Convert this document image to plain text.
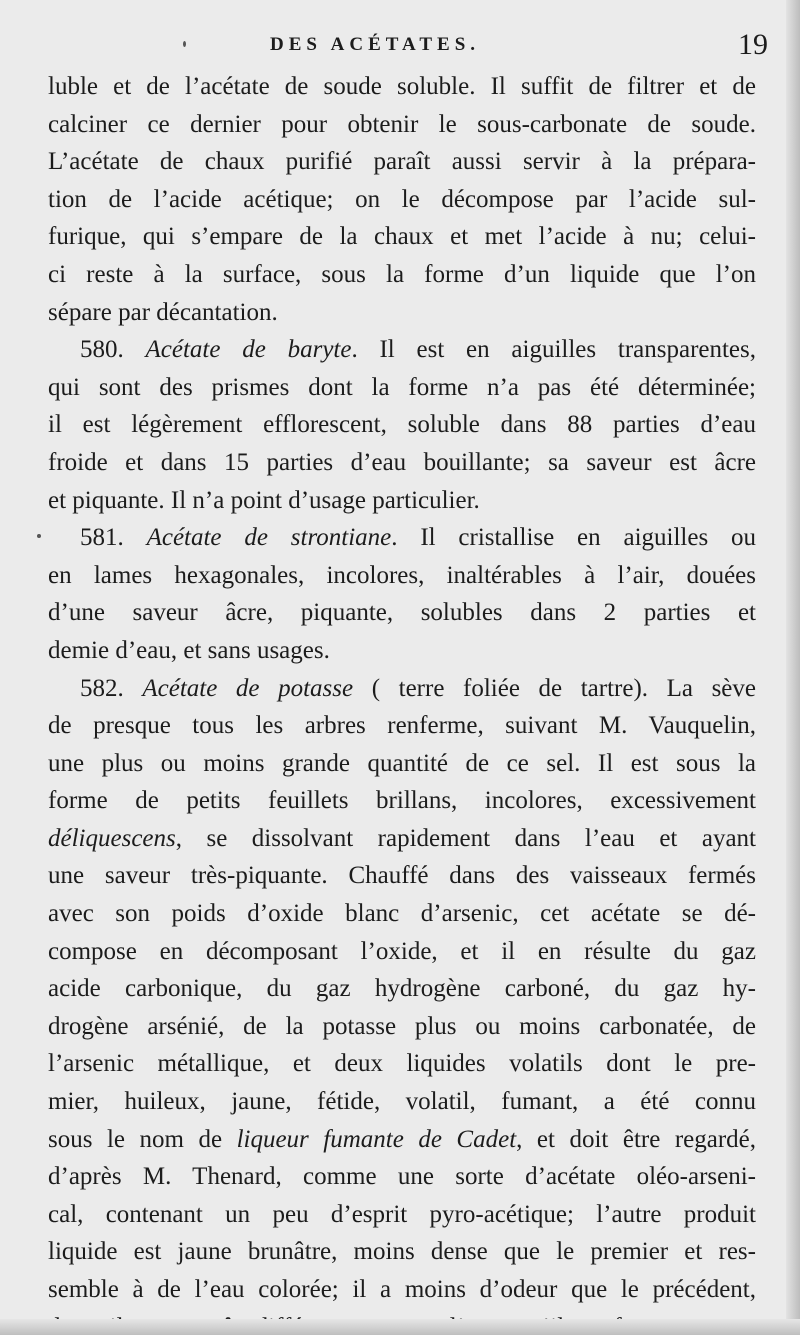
DES ACÉTATES.	19
luble et de l’acétate de soude soluble. Il suffit de filtrer et de
calciner ce dernier pour obtenir le sous-carbonate de soude.
L’acétate de chaux purifié paraît aussi servir à la prépara-
tion de l’acide acétique; on le décompose par l’acide sul-
furique, qui s’empare de la chaux et met l’acide à nu; celui-
ci reste à la surface, sous la forme d’un liquide que l’on
sépare par décantation.
580. Acétate de baryte. Il est en aiguilles transparentes,
qui sont des prismes dont la forme n’a pas été déterminée;
il est légèrement efflorescent, soluble dans 88 parties d’eau
froide et dans 15 parties d’eau bouillante; sa saveur est âcre
et piquante. Il n’a point d’usage particulier.
581. Acétate de strontiane. Il cristallise en aiguilles ou
en lames hexagonales, incolores, inaltérables à l’air, douées
d’une saveur âcre, piquante, solubles dans 2 parties et
demie d’eau, et sans usages.
582. Acétate de potasse ( terre foliée de tartre). La sève
de presque tous les arbres renferme, suivant M. Vauquelin,
une plus ou moins grande quantité de ce sel. Il est sous la
forme de petits feuillets brillans, incolores, excessivement
déliquescens, se dissolvant rapidement dans l’eau et ayant
une saveur très-piquante. Chauffé dans des vaisseaux fermés
avec son poids d’oxide blanc d’arsenic, cet acétate se dé-
compose en décomposant l’oxide, et il en résulte du gaz
acide carbonique, du gaz hydrogène carboné, du gaz hy-
drogène arsénié, de la potasse plus ou moins carbonatée, de
l’arsenic métallique, et deux liquides volatils dont le pre-
mier, huileux, jaune, fétide, volatil, fumant, a été connu
sous le nom de liqueur fumante de Cadet, et doit être regardé,
d’après M. Thenard, comme une sorte d’acétate oléo-arseni-
cal, contenant un peu d’esprit pyro-acétique; l’autre produit
liquide est jaune brunâtre, moins dense que le premier et res-
semble à de l’eau colorée; il a moins d’odeur que le précédent,
